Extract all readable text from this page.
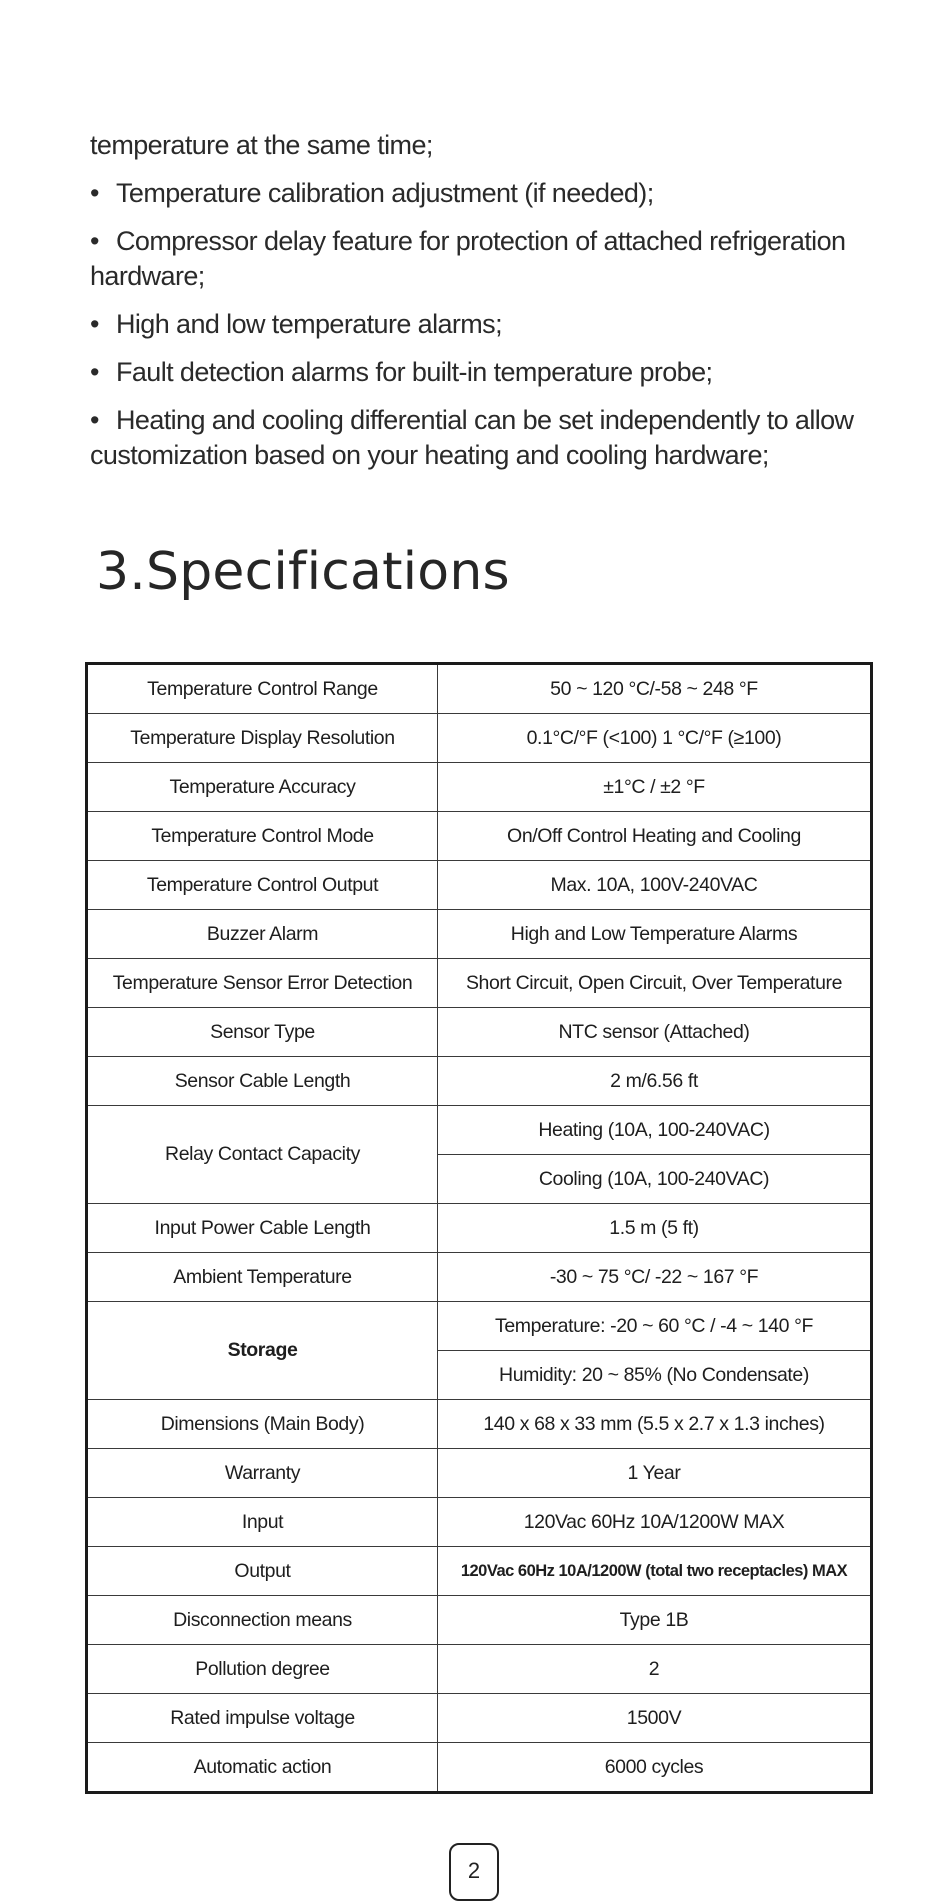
temperature at the same time;

• Temperature calibration adjustment (if needed);

• Compressor delay feature for protection of attached refrigeration hardware;

• High and low temperature alarms;

• Fault detection alarms for built-in temperature probe;

• Heating and cooling differential can be set independently to allow customization based on your heating and cooling hardware;

3.Specifications
Temperature Control Range	50 ~ 120 °C/-58 ~ 248 °F
Temperature Display Resolution	0.1°C/°F (<100) 1 °C/°F (≥100)
Temperature Accuracy	±1°C / ±2 °F
Temperature Control Mode	On/Off Control Heating and Cooling
Temperature Control Output	Max. 10A, 100V-240VAC
Buzzer Alarm	High and Low Temperature Alarms
Temperature Sensor Error Detection	Short Circuit, Open Circuit, Over Temperature
Sensor Type	NTC sensor (Attached)
Sensor Cable Length	2 m/6.56 ft
Relay Contact Capacity	Heating (10A, 100-240VAC)
	Cooling (10A, 100-240VAC)
Input Power Cable Length	1.5 m (5 ft)
Ambient Temperature	-30 ~ 75 °C/ -22 ~ 167 °F
Storage	Temperature: -20 ~ 60 °C / -4 ~ 140 °F
	Humidity: 20 ~ 85% (No Condensate)
Dimensions (Main Body)	140 x 68 x 33 mm (5.5 x 2.7 x 1.3 inches)
Warranty	1 Year
Input	120Vac 60Hz 10A/1200W MAX
Output	120Vac 60Hz 10A/1200W (total two receptacles) MAX
Disconnection means	Type 1B
Pollution degree	2
Rated impulse voltage	1500V
Automatic action	6000 cycles
2
